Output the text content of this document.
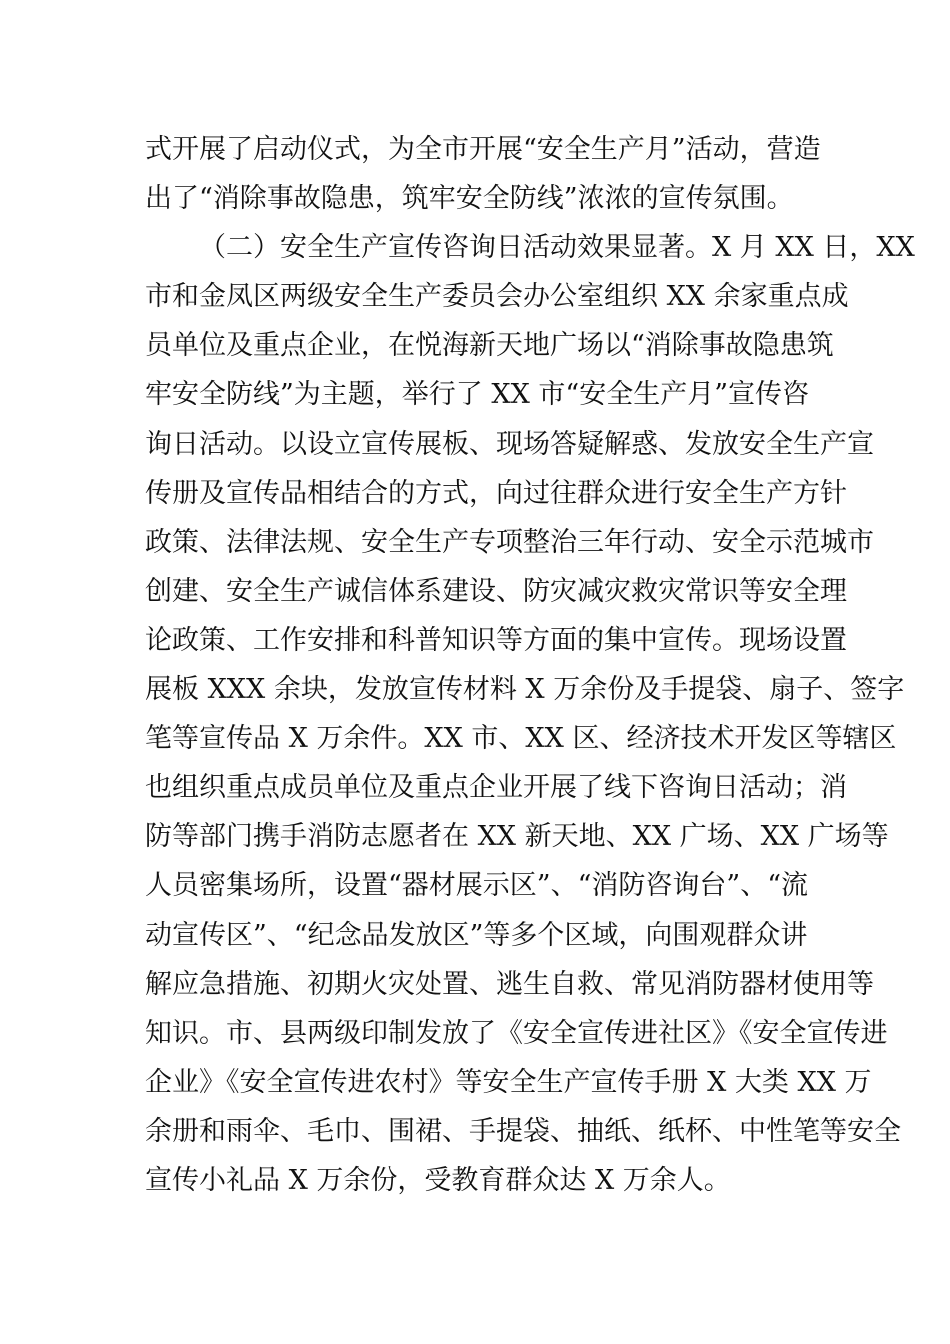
式开展了启动仪式，为全市开展“安全生产月”活动，营造
出了“消除事故隐患，筑牢安全防线”浓浓的宣传氛围。
（二）安全生产宣传咨询日活动效果显著。X 月 XX 日，XX
市和金凤区两级安全生产委员会办公室组织 XX 余家重点成
员单位及重点企业，在悦海新天地广场以“消除事故隐患筑
牢安全防线”为主题，举行了 XX 市“安全生产月”宣传咨
询日活动。以设立宣传展板、现场答疑解惑、发放安全生产宣
传册及宣传品相结合的方式，向过往群众进行安全生产方针
政策、法律法规、安全生产专项整治三年行动、安全示范城市
创建、安全生产诚信体系建设、防灾减灾救灾常识等安全理
论政策、工作安排和科普知识等方面的集中宣传。现场设置
展板 XXX 余块，发放宣传材料 X 万余份及手提袋、扇子、签字
笔等宣传品 X 万余件。XX 市、XX 区、经济技术开发区等辖区
也组织重点成员单位及重点企业开展了线下咨询日活动；消
防等部门携手消防志愿者在 XX 新天地、XX 广场、XX 广场等
人员密集场所，设置“器材展示区”、“消防咨询台”、“流
动宣传区”、“纪念品发放区”等多个区域，向围观群众讲
解应急措施、初期火灾处置、逃生自救、常见消防器材使用等
知识。市、县两级印制发放了《安全宣传进社区》《安全宣传进
企业》《安全宣传进农村》等安全生产宣传手册 X 大类 XX 万
余册和雨伞、毛巾、围裙、手提袋、抽纸、纸杯、中性笔等安全
宣传小礼品 X 万余份，受教育群众达 X 万余人。
